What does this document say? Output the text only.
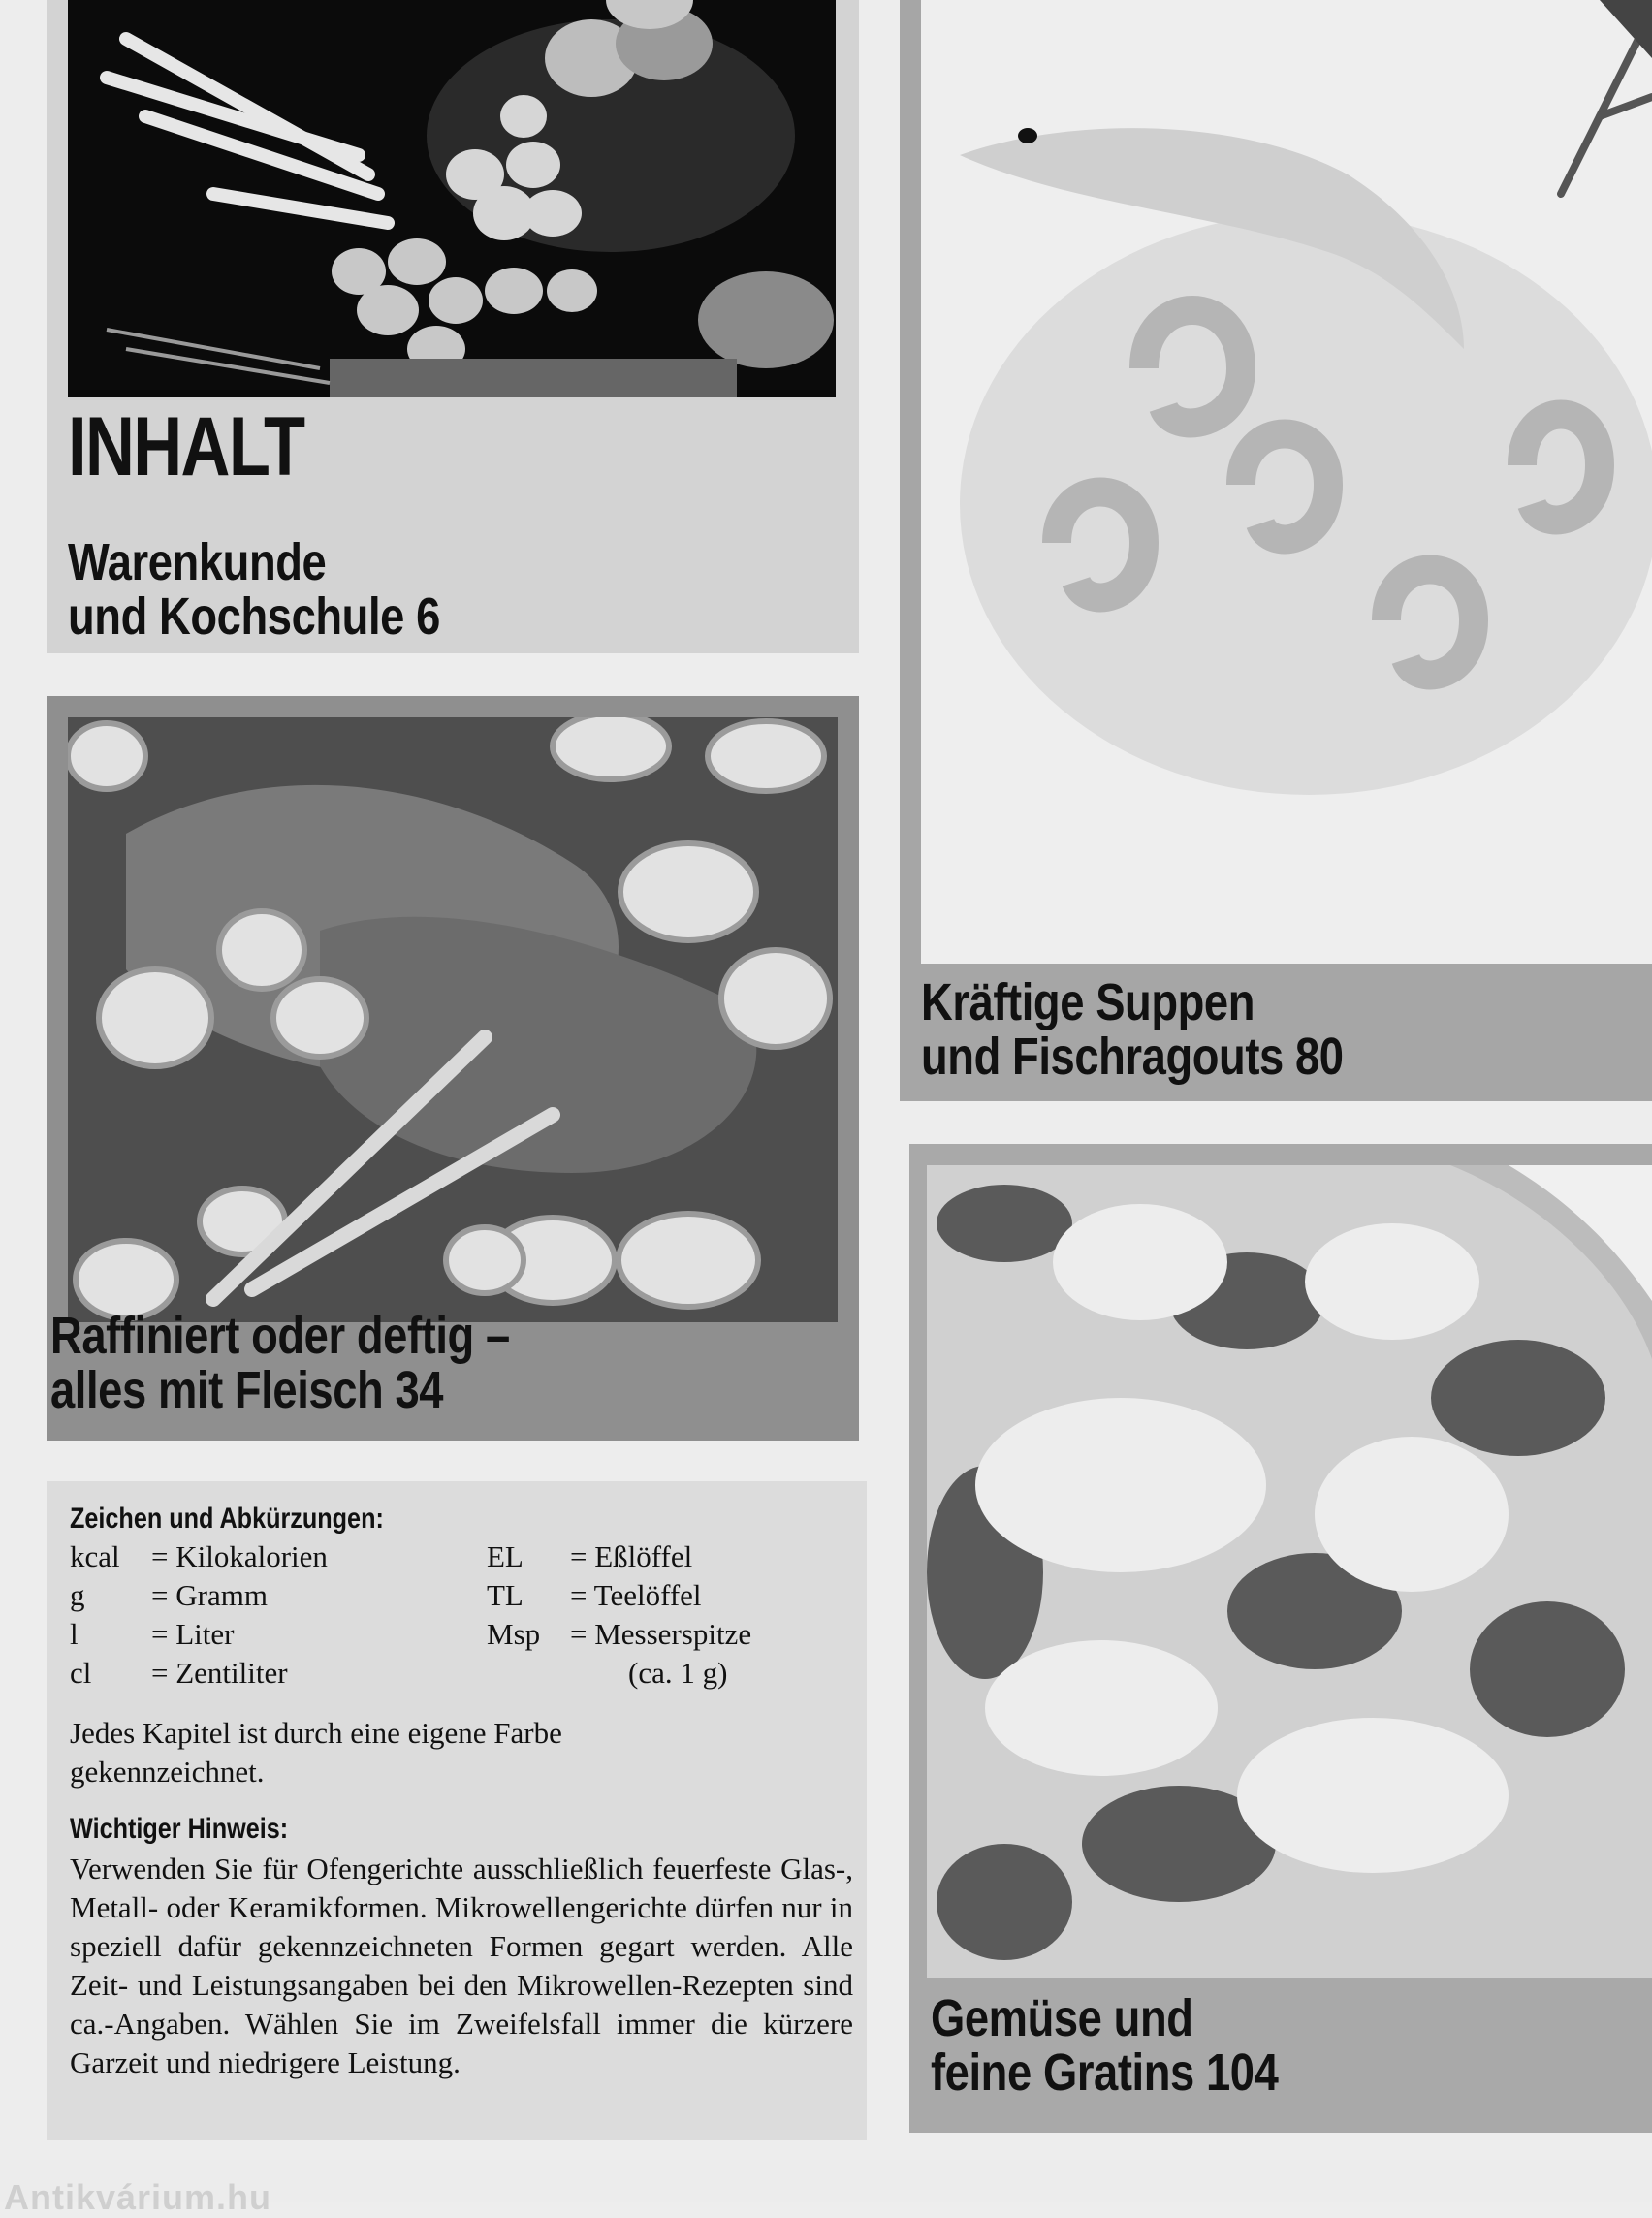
INHALT
Warenkunde
und Kochschule 6
Raffiniert oder deftig –
alles mit Fleisch 34
Kräftige Suppen
und Fischragouts 80
Gemüse und
feine Gratins 104
Zeichen und Abkürzungen:
kcal = Kilokalorien	EL = Eßlöffel
g = Gramm	TL = Teelöffel
l = Liter	Msp = Messerspitze
cl = Zentiliter	(ca. 1 g)
Jedes Kapitel ist durch eine eigene Farbe gekennzeichnet.
Wichtiger Hinweis:
Verwenden Sie für Ofengerichte ausschließlich feuerfeste Glas-, Metall- oder Keramikformen. Mikrowellengerichte dürfen nur in speziell dafür gekennzeichneten Formen gegart werden. Alle Zeit- und Leistungsangaben bei den Mikrowellen-Rezepten sind ca.-Angaben. Wählen Sie im Zweifelsfall immer die kürzere Garzeit und niedrigere Leistung.
Antikvárium.hu
